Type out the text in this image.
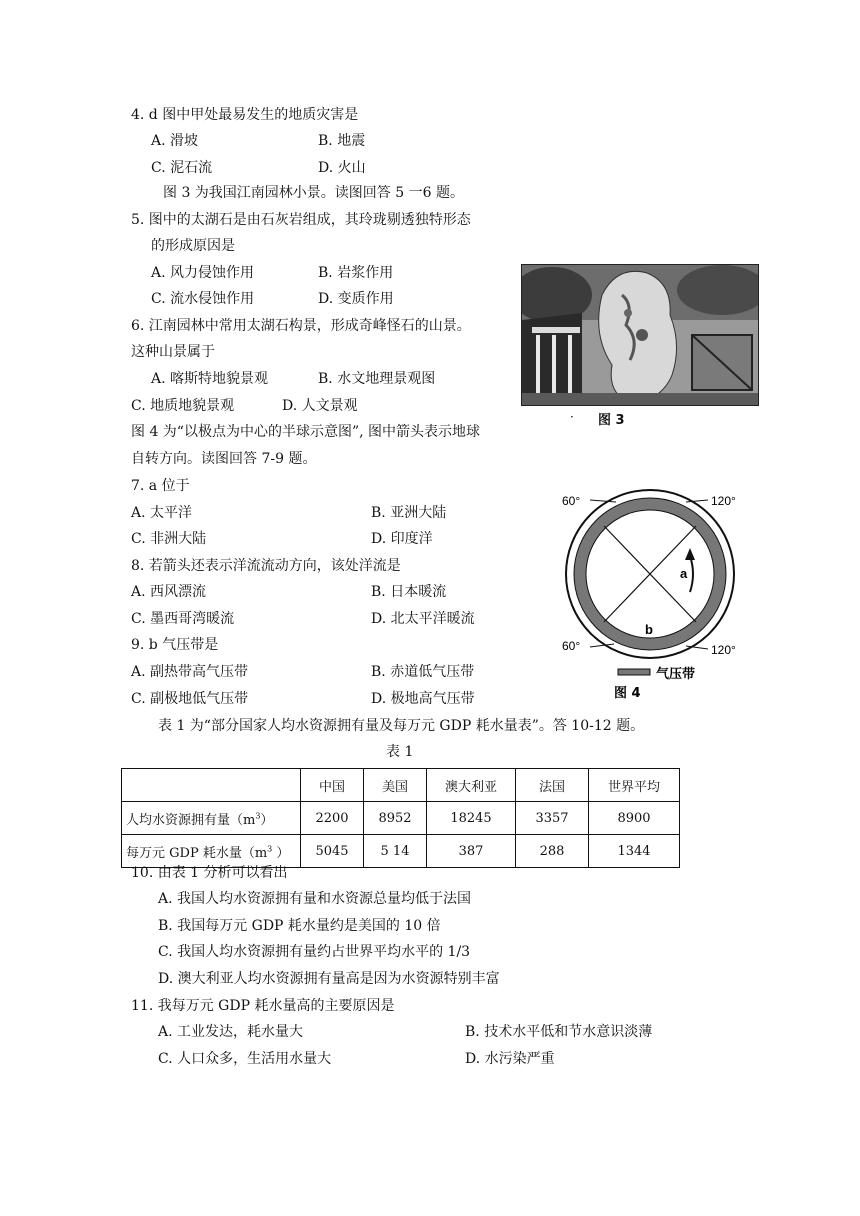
4. d 图中甲处最易发生的地质灾害是
A. 滑坡	B. 地震
C. 泥石流	D. 火山
图 3 为我国江南园林小景。读图回答 5 一6 题。
5. 图中的太湖石是由石灰岩组成，其玲珑剔透独特形态
的形成原因是
A. 风力侵蚀作用	B. 岩浆作用
C. 流水侵蚀作用	D. 变质作用
6. 江南园林中常用太湖石构景，形成奇峰怪石的山景。
这种山景属于
A. 喀斯特地貌景观	B. 水文地理景观图
C. 地质地貌景观	D. 人文景观
· 图 3
图 4 为“以极点为中心的半球示意图”, 图中箭头表示地球
自转方向。读图回答 7-9 题。
7. a 位于
A. 太平洋	B. 亚洲大陆
C. 非洲大陆	D. 印度洋
8. 若箭头还表示洋流流动方向，该处洋流是
A. 西风漂流	B. 日本暖流
C. 墨西哥湾暖流	D. 北太平洋暖流
9. b 气压带是
A. 副热带高气压带	B. 赤道低气压带
C. 副极地低气压带	D. 极地高气压带
60°	120°
60°	120°
a
b
气压带
图 4
表 1 为“部分国家人均水资源拥有量及每万元 GDP 耗水量表”。答 10-12 题。
表 1
	中国	美国	澳大利亚	法国	世界平均
人均水资源拥有量$(m^3)$	2200	8952	18245	3357	8900
每万元 GDP 耗水量（$m^3$ ）	5045	5 14	387	288	1344
10. 由表 1 分析可以看出
A. 我国人均水资源拥有量和水资源总量均低于法国
B. 我国每万元 GDP 耗水量约是美国的 10 倍
C. 我国人均水资源拥有量约占世界平均水平的 1/3
D. 澳大利亚人均水资源拥有量高是因为水资源特别丰富
11. 我每万元 GDP 耗水量高的主要原因是
A. 工业发达，耗水量大	B. 技术水平低和节水意识淡薄
C. 人口众多，生活用水量大	D. 水污染严重
